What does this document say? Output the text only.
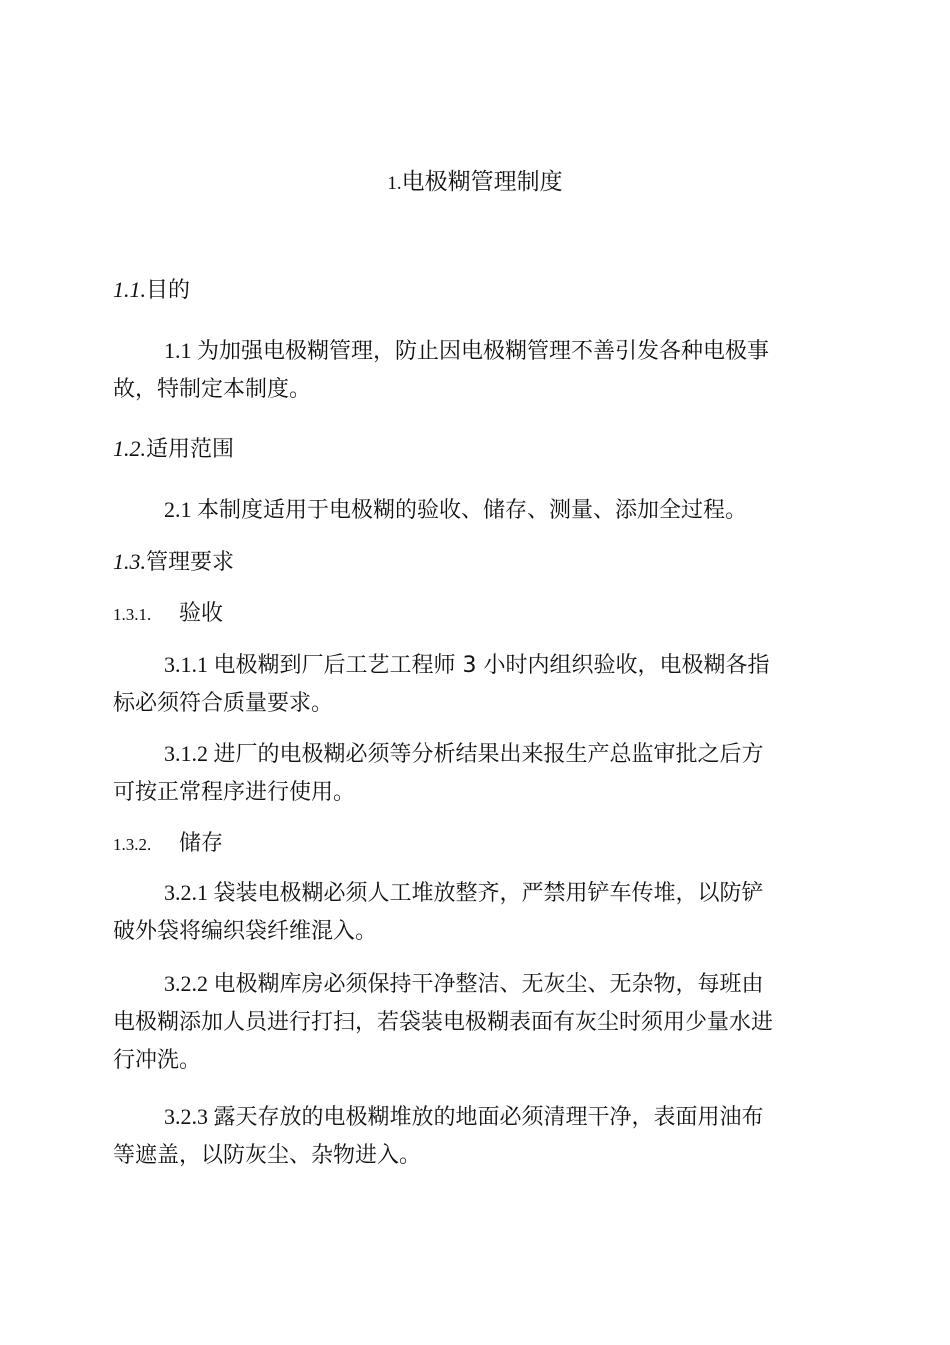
1.电极糊管理制度
1.1.目的
1.1 为加强电极糊管理，防止因电极糊管理不善引发各种电极事
故，特制定本制度。
1.2.适用范围
2.1 本制度适用于电极糊的验收、储存、测量、添加全过程。
1.3.管理要求
1.3.1. 验收
3.1.1 电极糊到厂后工艺工程师 3 小时内组织验收，电极糊各指
标必须符合质量要求。
3.1.2 进厂的电极糊必须等分析结果出来报生产总监审批之后方
可按正常程序进行使用。
1.3.2. 储存
3.2.1 袋装电极糊必须人工堆放整齐，严禁用铲车传堆，以防铲
破外袋将编织袋纤维混入。
3.2.2 电极糊库房必须保持干净整洁、无灰尘、无杂物，每班由
电极糊添加人员进行打扫，若袋装电极糊表面有灰尘时须用少量水进
行冲洗。
3.2.3 露天存放的电极糊堆放的地面必须清理干净，表面用油布
等遮盖，以防灰尘、杂物进入。
